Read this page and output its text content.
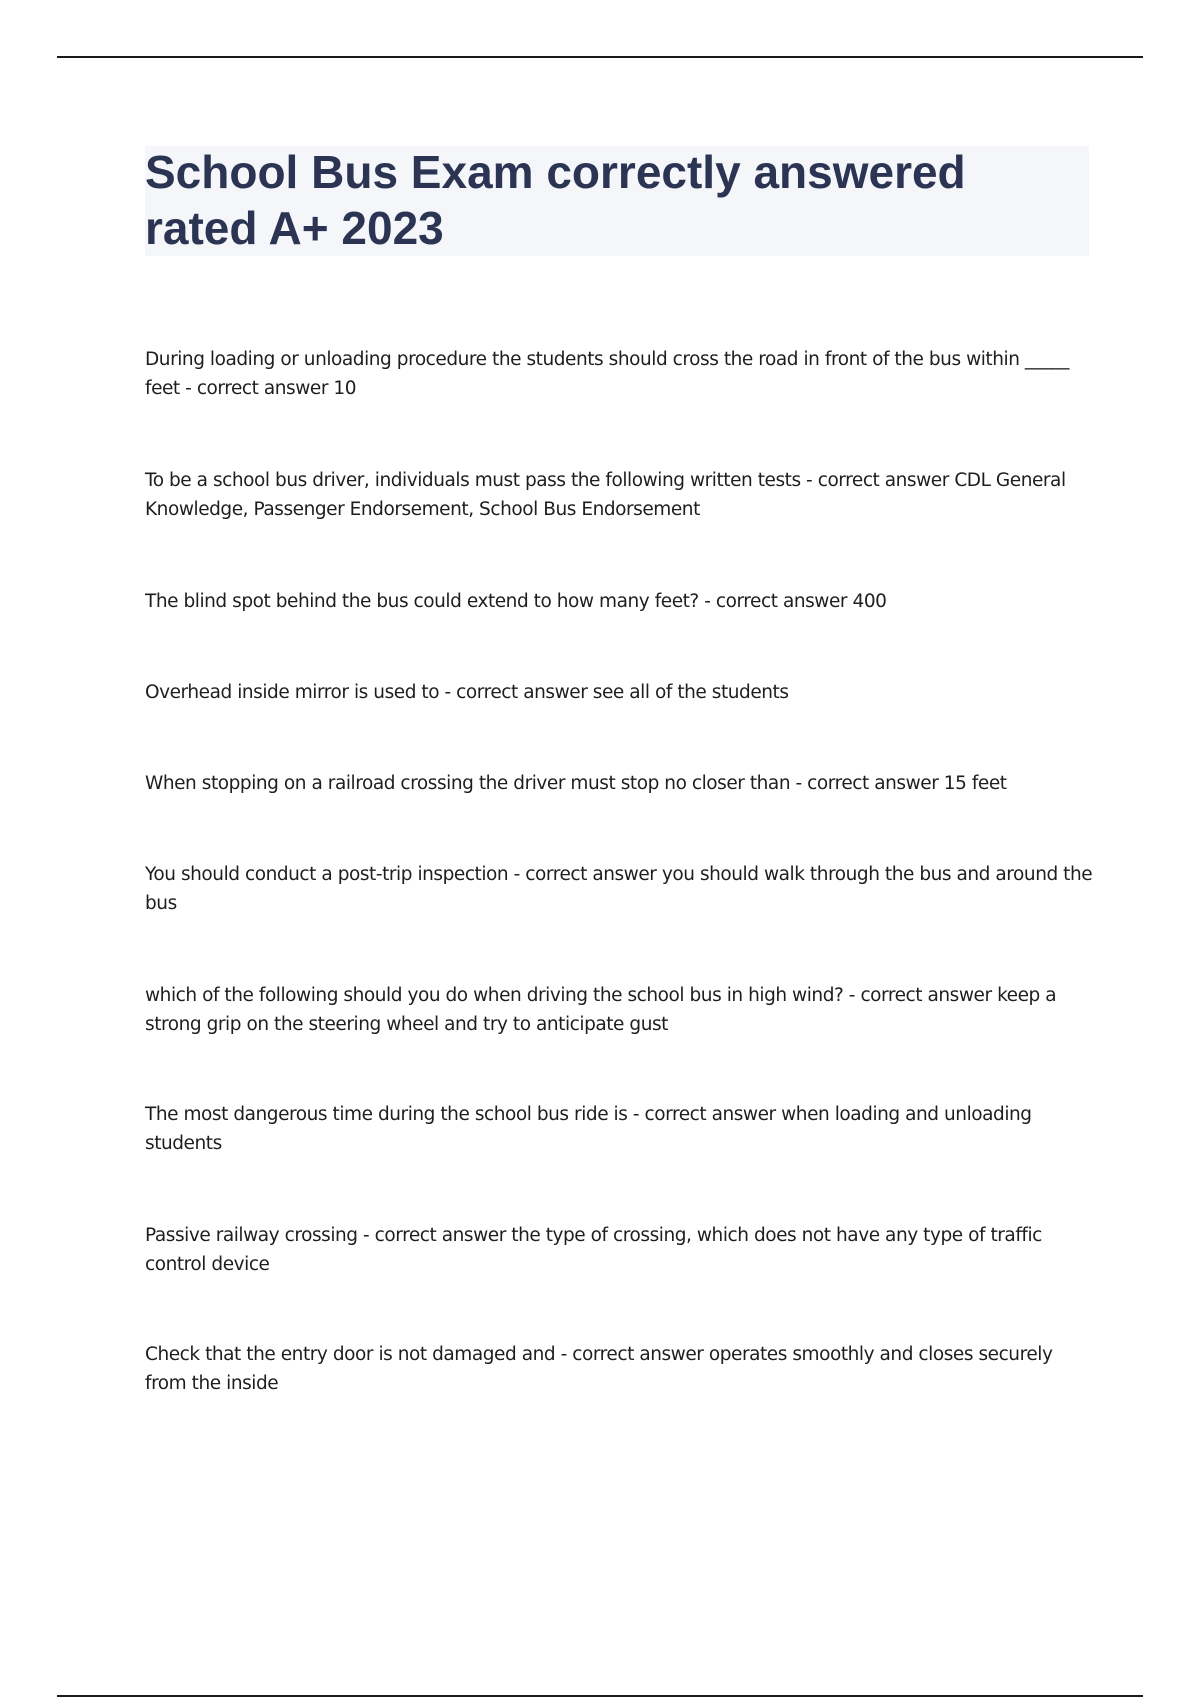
School Bus Exam correctly answered rated A+ 2023
During loading or unloading procedure the students should cross the road in front of the bus within _____ feet - correct answer 10
To be a school bus driver, individuals must pass the following written tests - correct answer CDL General Knowledge, Passenger Endorsement, School Bus Endorsement
The blind spot behind the bus could extend to how many feet? - correct answer 400
Overhead inside mirror is used to - correct answer see all of the students
When stopping on a railroad crossing the driver must stop no closer than - correct answer 15 feet
You should conduct a post-trip inspection - correct answer you should walk through the bus and around the bus
which of the following should you do when driving the school bus in high wind? - correct answer keep a strong grip on the steering wheel and try to anticipate gust
The most dangerous time during the school bus ride is - correct answer when loading and unloading students
Passive railway crossing - correct answer the type of crossing, which does not have any type of traffic control device
Check that the entry door is not damaged and - correct answer operates smoothly and closes securely from the inside
